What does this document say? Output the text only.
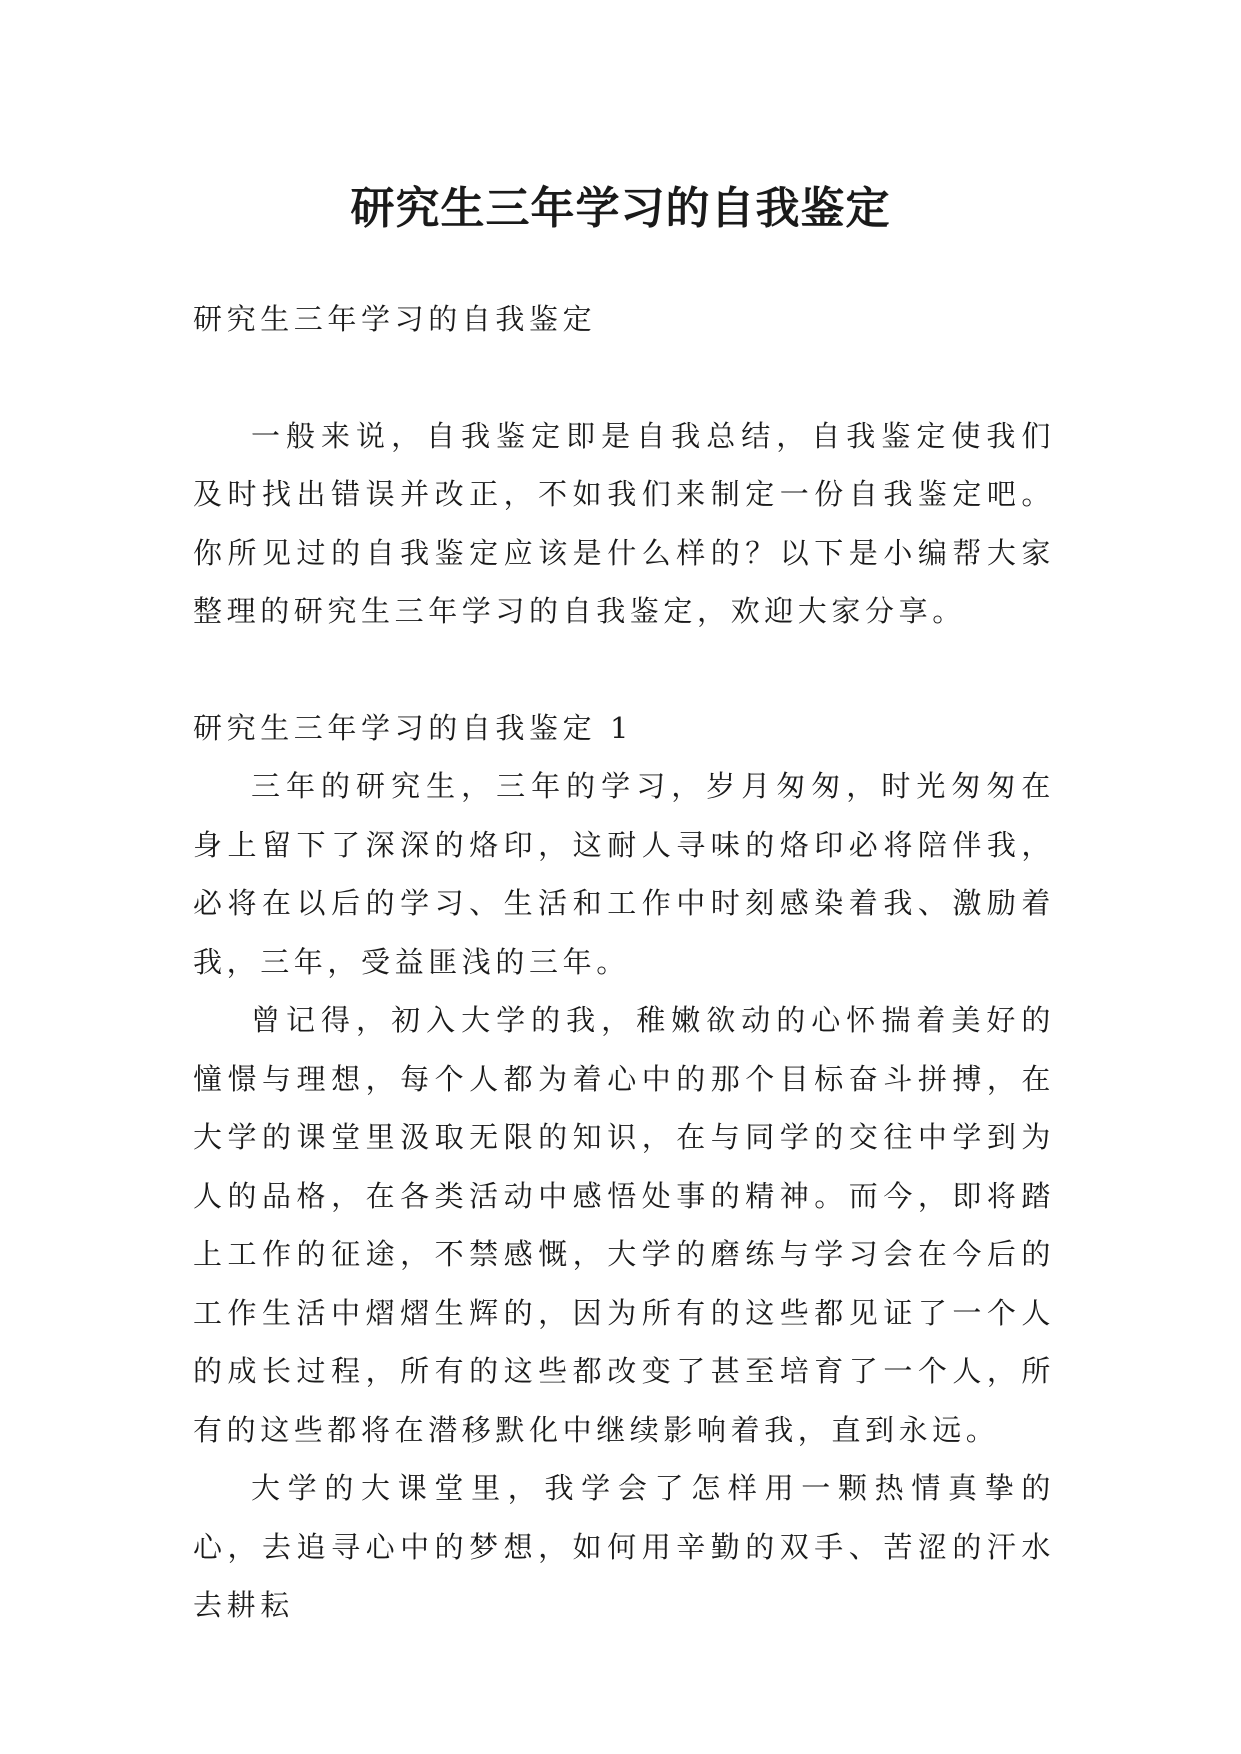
研究生三年学习的自我鉴定

研究生三年学习的自我鉴定

一般来说，自我鉴定即是自我总结，自我鉴定使我们及时找出错误并改正，不如我们来制定一份自我鉴定吧。你所见过的自我鉴定应该是什么样的？以下是小编帮大家整理的研究生三年学习的自我鉴定，欢迎大家分享。

研究生三年学习的自我鉴定 1

三年的研究生，三年的学习，岁月匆匆，时光匆匆在身上留下了深深的烙印，这耐人寻味的烙印必将陪伴我，必将在以后的学习、生活和工作中时刻感染着我、激励着我，三年，受益匪浅的三年。

曾记得，初入大学的我，稚嫩欲动的心怀揣着美好的憧憬与理想，每个人都为着心中的那个目标奋斗拼搏，在大学的课堂里汲取无限的知识，在与同学的交往中学到为人的品格，在各类活动中感悟处事的精神。而今，即将踏上工作的征途，不禁感慨，大学的磨练与学习会在今后的工作生活中熠熠生辉的，因为所有的这些都见证了一个人的成长过程，所有的这些都改变了甚至培育了一个人，所有的这些都将在潜移默化中继续影响着我，直到永远。

大学的大课堂里，我学会了怎样用一颗热情真挚的心，去追寻心中的梦想，如何用辛勤的双手、苦涩的汗水去耕耘
